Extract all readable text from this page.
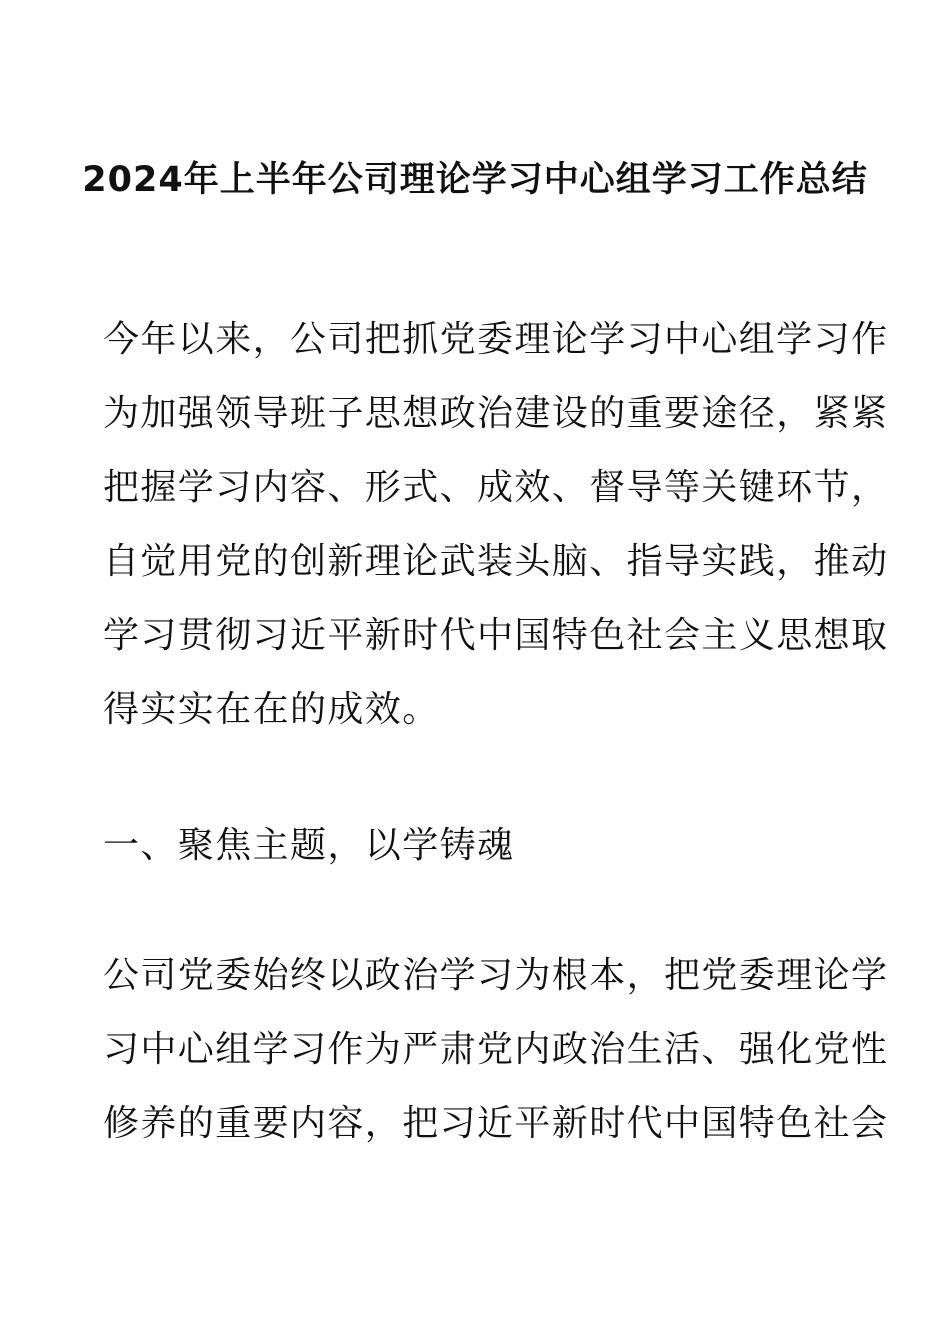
2024年上半年公司理论学习中心组学习工作总结
今年以来，公司把抓党委理论学习中心组学习作
为加强领导班子思想政治建设的重要途径，紧紧
把握学习内容、形式、成效、督导等关键环节，
自觉用党的创新理论武装头脑、指导实践，推动
学习贯彻习近平新时代中国特色社会主义思想取
得实实在在的成效。
一、聚焦主题，以学铸魂
公司党委始终以政治学习为根本，把党委理论学
习中心组学习作为严肃党内政治生活、强化党性
修养的重要内容，把习近平新时代中国特色社会
